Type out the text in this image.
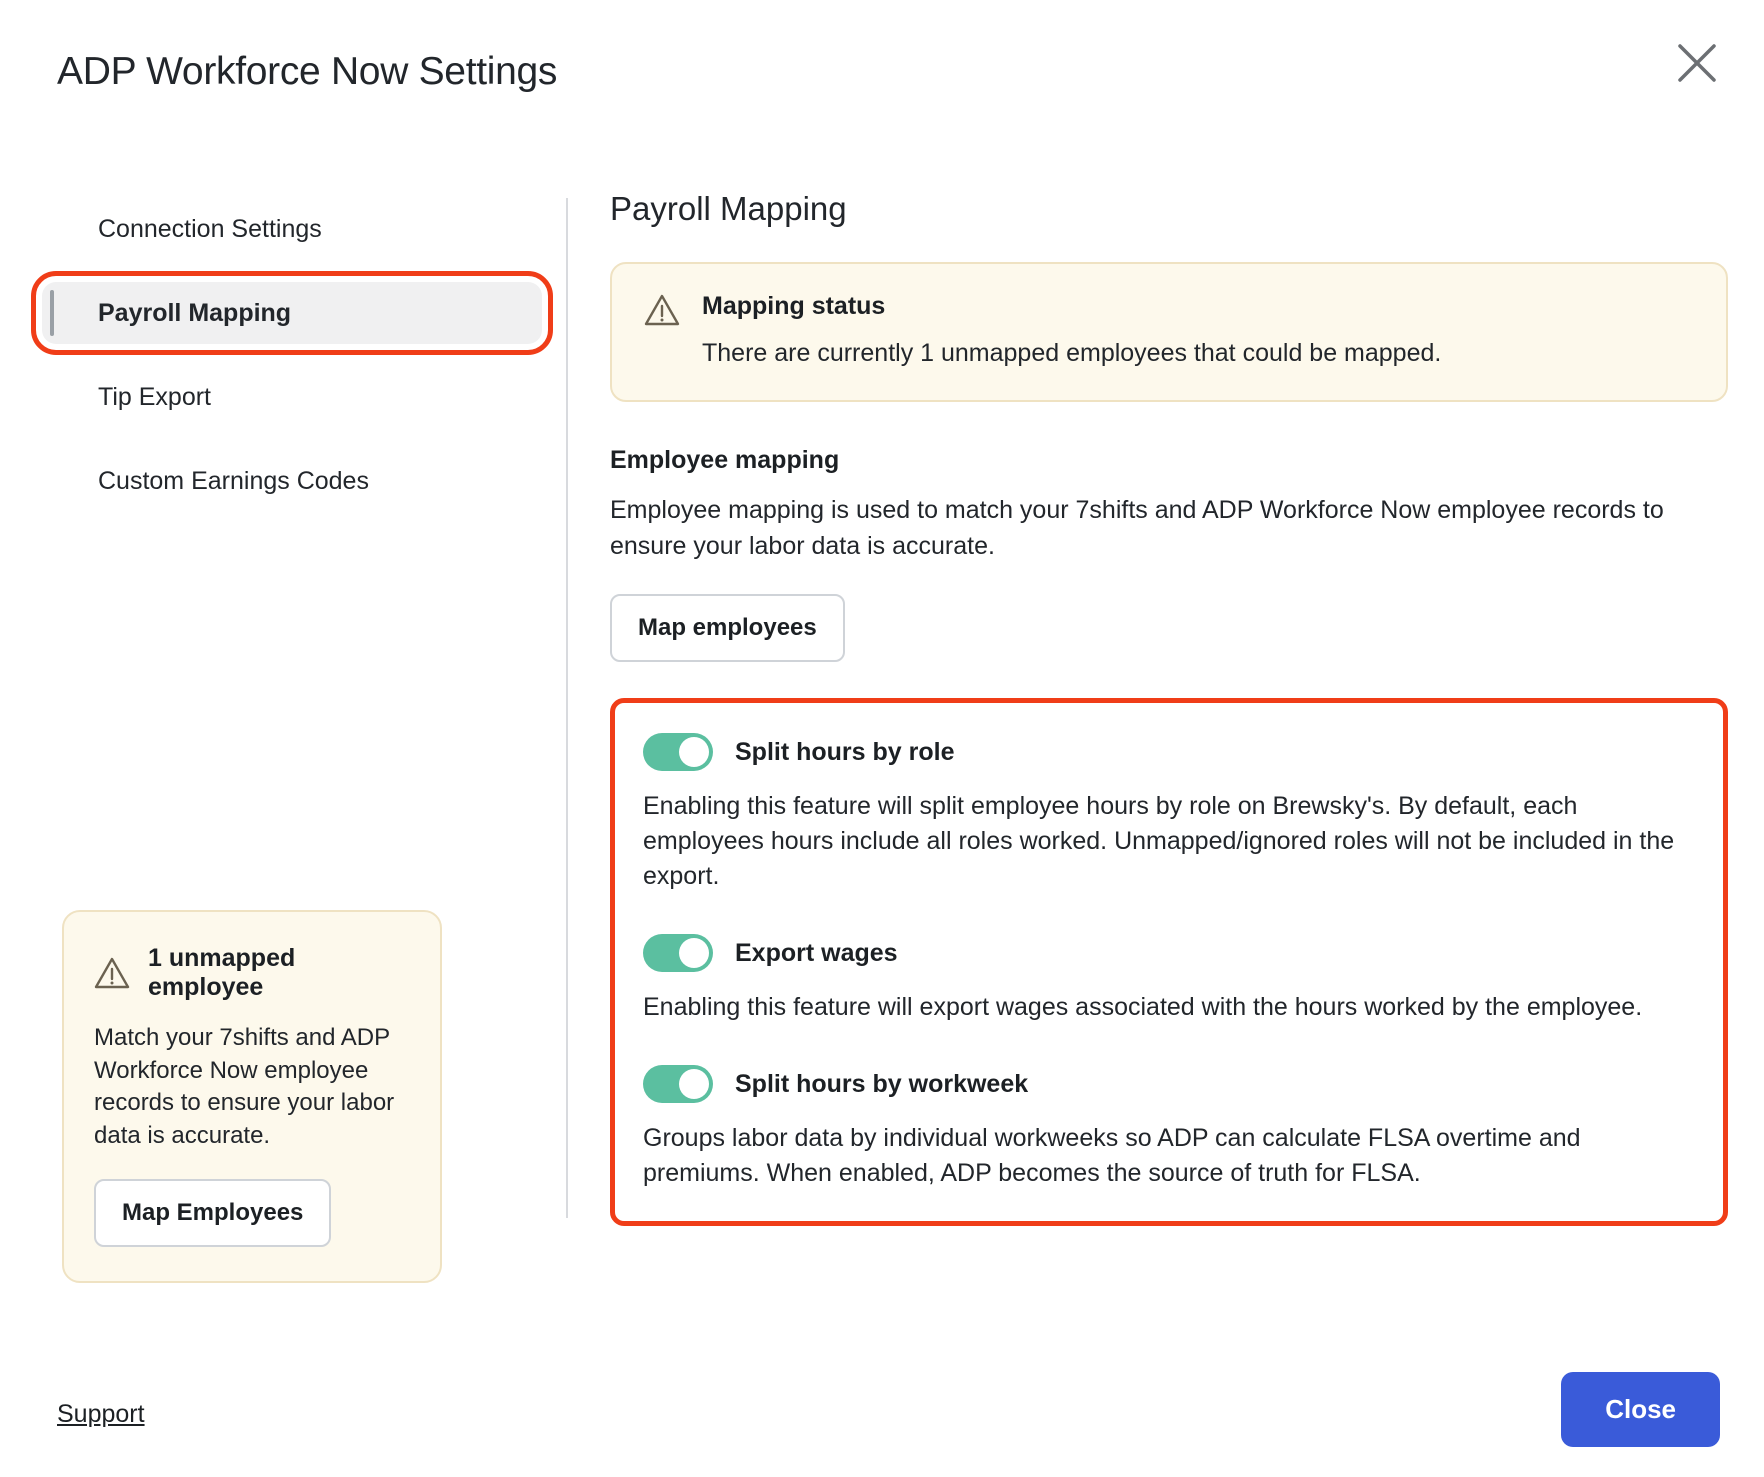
ADP Workforce Now Settings
Connection Settings
Payroll Mapping
Tip Export
Custom Earnings Codes
1 unmapped employee
Match your 7shifts and ADP Workforce Now employee records to ensure your labor data is accurate.
Map Employees
Payroll Mapping
Mapping status
There are currently 1 unmapped employees that could be mapped.
Employee mapping
Employee mapping is used to match your 7shifts and ADP Workforce Now employee records to ensure your labor data is accurate.
Map employees
Split hours by role
Enabling this feature will split employee hours by role on Brewsky's. By default, each employees hours include all roles worked. Unmapped/ignored roles will not be included in the export.
Export wages
Enabling this feature will export wages associated with the hours worked by the employee.
Split hours by workweek
Groups labor data by individual workweeks so ADP can calculate FLSA overtime and premiums. When enabled, ADP becomes the source of truth for FLSA.
Support	Close
